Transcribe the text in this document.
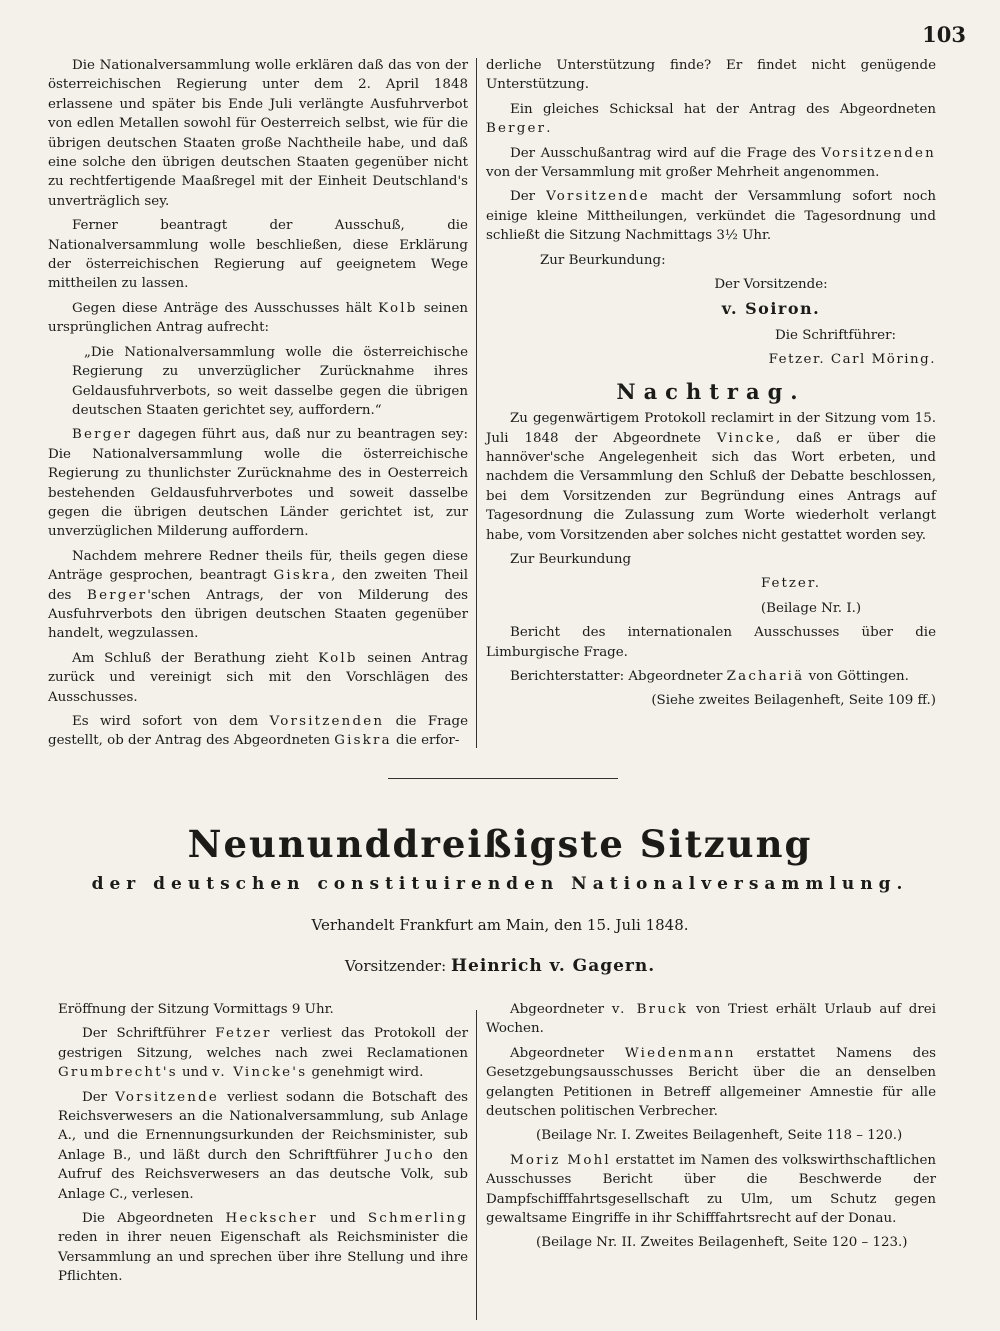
103

Die Nationalversammlung wolle erklären daß das von der österreichischen Regierung unter dem 2. April 1848 erlassene und später bis Ende Juli verlängte Ausfuhrverbot von edlen Metallen sowohl für Oesterreich selbst, wie für die übrigen deutschen Staaten große Nachtheile habe, und daß eine solche den übrigen deutschen Staaten gegenüber nicht zu rechtfertigende Maaßregel mit der Einheit Deutschland's unverträglich sey.

Ferner beantragt der Ausschuß, die Nationalversammlung wolle beschließen, diese Erklärung der österreichischen Regierung auf geeignetem Wege mittheilen zu lassen.

Gegen diese Anträge des Ausschusses hält Kolb seinen ursprünglichen Antrag aufrecht:

„Die Nationalversammlung wolle die österreichische Regierung zu unverzüglicher Zurücknahme ihres Geldausfuhrverbots, so weit dasselbe gegen die übrigen deutschen Staaten gerichtet sey, auffordern.“

Berger dagegen führt aus, daß nur zu beantragen sey: Die Nationalversammlung wolle die österreichische Regierung zu thunlichster Zurücknahme des in Oesterreich bestehenden Geldausfuhrverbotes und soweit dasselbe gegen die übrigen deutschen Länder gerichtet ist, zur unverzüglichen Milderung auffordern.

Nachdem mehrere Redner theils für, theils gegen diese Anträge gesprochen, beantragt Giskra, den zweiten Theil des Berger'schen Antrags, der von Milderung des Ausfuhrverbots den übrigen deutschen Staaten gegenüber handelt, wegzulassen.

Am Schluß der Berathung zieht Kolb seinen Antrag zurück und vereinigt sich mit den Vorschlägen des Ausschusses.

Es wird sofort von dem Vorsitzenden die Frage gestellt, ob der Antrag des Abgeordneten Giskra die erfor-

derliche Unterstützung finde? Er findet nicht genügende Unterstützung.

Ein gleiches Schicksal hat der Antrag des Abgeordneten Berger.

Der Ausschußantrag wird auf die Frage des Vorsitzenden von der Versammlung mit großer Mehrheit angenommen.

Der Vorsitzende macht der Versammlung sofort noch einige kleine Mittheilungen, verkündet die Tagesordnung und schließt die Sitzung Nachmittags 3½ Uhr.

Zur Beurkundung:

Der Vorsitzende:

v. Soiron.

Die Schriftführer:

Fetzer. Carl Möring.

Nachtrag.

Zu gegenwärtigem Protokoll reclamirt in der Sitzung vom 15. Juli 1848 der Abgeordnete Vincke, daß er über die hannöver'sche Angelegenheit sich das Wort erbeten, und nachdem die Versammlung den Schluß der Debatte beschlossen, bei dem Vorsitzenden zur Begründung eines Antrags auf Tagesordnung die Zulassung zum Worte wiederholt verlangt habe, vom Vorsitzenden aber solches nicht gestattet worden sey.

Zur Beurkundung

Fetzer.

(Beilage Nr. I.)

Bericht des internationalen Ausschusses über die Limburgische Frage.

Berichterstatter: Abgeordneter Zachariä von Göttingen.

(Siehe zweites Beilagenheft, Seite 109 ff.)

Neununddreißigste Sitzung
der deutschen constituirenden Nationalversammlung.
Verhandelt Frankfurt am Main, den 15. Juli 1848.
Vorsitzender: Heinrich v. Gagern.

Eröffnung der Sitzung Vormittags 9 Uhr.

Der Schriftführer Fetzer verliest das Protokoll der gestrigen Sitzung, welches nach zwei Reclamationen Grumbrecht's und v. Vincke's genehmigt wird.

Der Vorsitzende verliest sodann die Botschaft des Reichsverwesers an die Nationalversammlung, sub Anlage A., und die Ernennungsurkunden der Reichsminister, sub Anlage B., und läßt durch den Schriftführer Jucho den Aufruf des Reichsverwesers an das deutsche Volk, sub Anlage C., verlesen.

Die Abgeordneten Heckscher und Schmerling reden in ihrer neuen Eigenschaft als Reichsminister die Versammlung an und sprechen über ihre Stellung und ihre Pflichten.

Abgeordneter v. Bruck von Triest erhält Urlaub auf drei Wochen.

Abgeordneter Wiedenmann erstattet Namens des Gesetzgebungsausschusses Bericht über die an denselben gelangten Petitionen in Betreff allgemeiner Amnestie für alle deutschen politischen Verbrecher.

(Beilage Nr. I. Zweites Beilagenheft, Seite 118 – 120.)

Moriz Mohl erstattet im Namen des volkswirthschaftlichen Ausschusses Bericht über die Beschwerde der Dampfschifffahrtsgesellschaft zu Ulm, um Schutz gegen gewaltsame Eingriffe in ihr Schifffahrtsrecht auf der Donau.

(Beilage Nr. II. Zweites Beilagenheft, Seite 120 – 123.)
